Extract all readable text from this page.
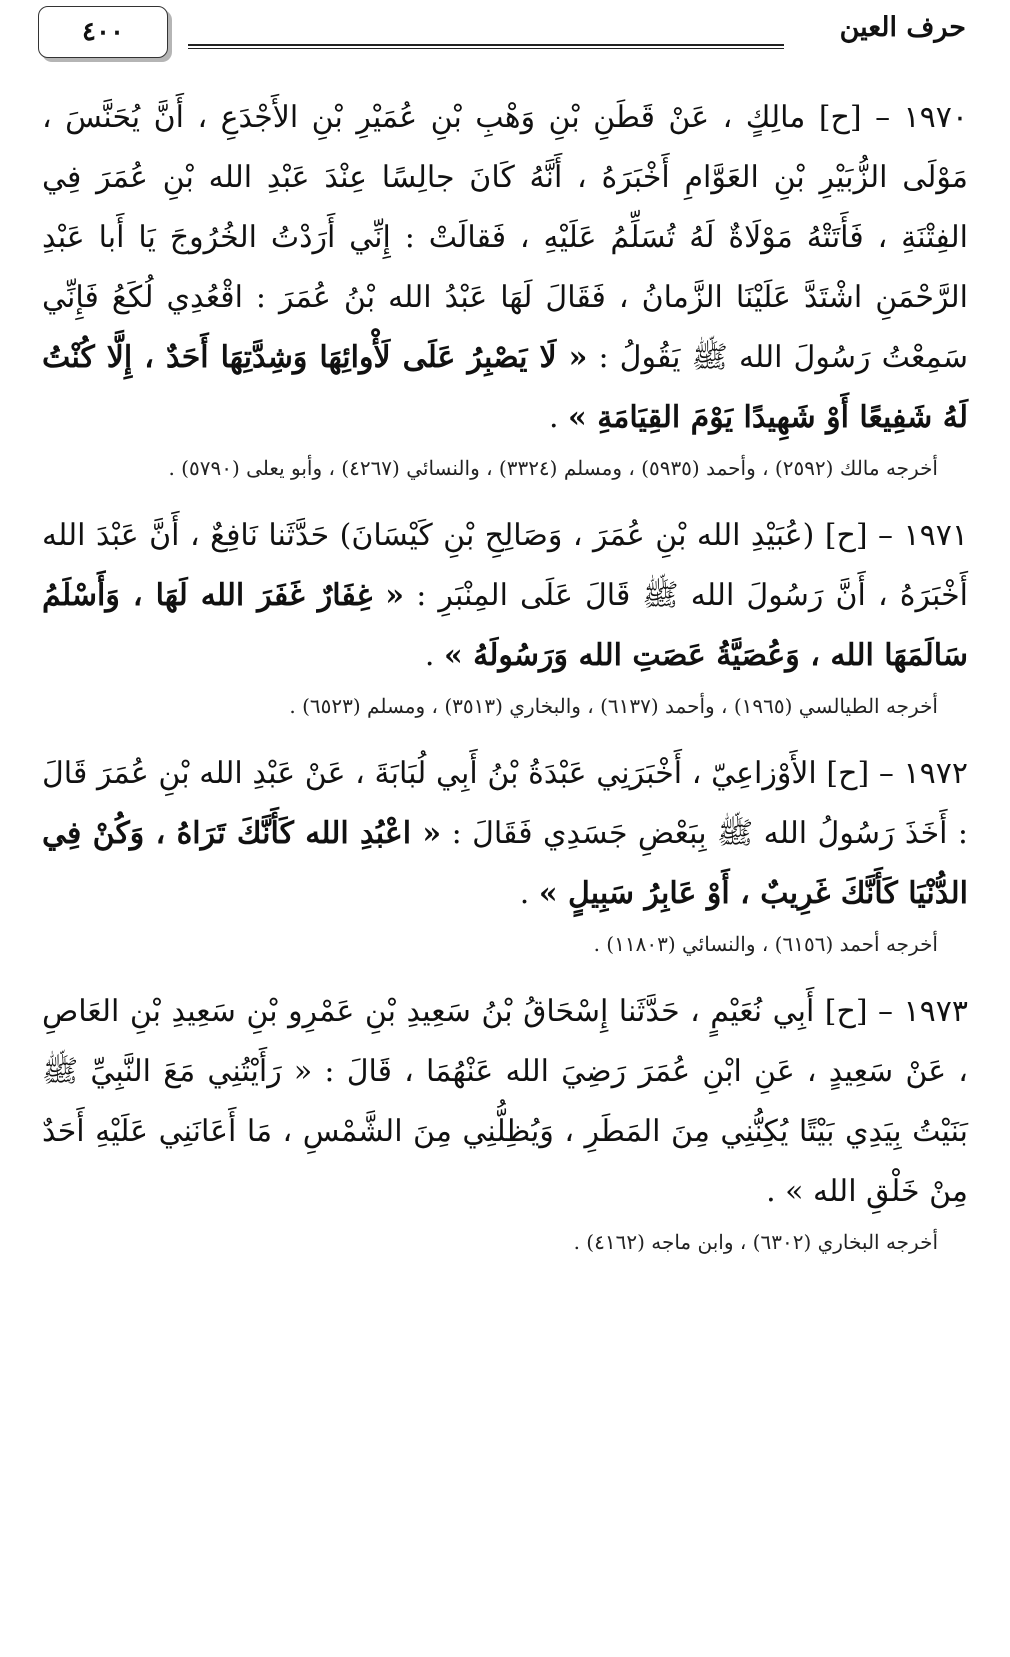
٤٠٠	حرف العين

١٩٧٠ – [ح] مالِكٍ ، عَنْ قَطَنِ بْنِ وَهْبِ بْنِ عُمَيْرِ بْنِ الأَجْدَعِ ، أَنَّ يُحَنَّسَ ، مَوْلَى الزُّبَيْرِ بْنِ العَوَّامِ أَخْبَرَهُ ، أَنَّهُ كَانَ جالِسًا عِنْدَ عَبْدِ الله بْنِ عُمَرَ فِي الفِتْنَةِ ، فَأَتَتْهُ مَوْلَاةٌ لَهُ تُسَلِّمُ عَلَيْهِ ، فَقالَتْ : إِنِّي أَرَدْتُ الخُرُوجَ يَا أَبا عَبْدِ الرَّحْمَنِ اشْتَدَّ عَلَيْنَا الزَّمانُ ، فَقَالَ لَهَا عَبْدُ الله بْنُ عُمَرَ : اقْعُدِي لُكَعُ فَإِنِّي سَمِعْتُ رَسُولَ الله ﷺ يَقُولُ : « لَا يَصْبِرُ عَلَى لَأْوائِهَا وَشِدَّتِهَا أَحَدٌ ، إِلَّا كُنْتُ لَهُ شَفِيعًا أَوْ شَهِيدًا يَوْمَ القِيَامَةِ » .

أخرجه مالك (٢٥٩٢) ، وأحمد (٥٩٣٥) ، ومسلم (٣٣٢٤) ، والنسائي (٤٢٦٧) ، وأبو يعلى (٥٧٩٠) .

١٩٧١ – [ح] (عُبَيْدِ الله بْنِ عُمَرَ ، وَصَالِحِ بْنِ كَيْسَانَ) حَدَّثَنا نَافِعٌ ، أَنَّ عَبْدَ الله أَخْبَرَهُ ، أَنَّ رَسُولَ الله ﷺ قَالَ عَلَى المِنْبَرِ : « غِفَارٌ غَفَرَ الله لَهَا ، وَأَسْلَمُ سَالَمَهَا الله ، وَعُصَيَّةُ عَصَتِ الله وَرَسُولَهُ » .

أخرجه الطيالسي (١٩٦٥) ، وأحمد (٦١٣٧) ، والبخاري (٣٥١٣) ، ومسلم (٦٥٢٣) .

١٩٧٢ – [ح] الأَوْزاعِيّ ، أَخْبَرَنِي عَبْدَةُ بْنُ أَبِي لُبَابَةَ ، عَنْ عَبْدِ الله بْنِ عُمَرَ قَالَ : أَخَذَ رَسُولُ الله ﷺ بِبَعْضِ جَسَدِي فَقَالَ : « اعْبُدِ الله كَأَنَّكَ تَرَاهُ ، وَكُنْ فِي الدُّنْيَا كَأَنَّكَ غَرِيبٌ ، أَوْ عَابِرُ سَبِيلٍ » .

أخرجه أحمد (٦١٥٦) ، والنسائي (١١٨٠٣) .

١٩٧٣ – [ح] أَبِي نُعَيْمٍ ، حَدَّثَنا إِسْحَاقُ بْنُ سَعِيدِ بْنِ عَمْرِو بْنِ سَعِيدِ بْنِ العَاصِ ، عَنْ سَعِيدٍ ، عَنِ ابْنِ عُمَرَ رَضِيَ الله عَنْهُمَا ، قَالَ : « رَأَيْتُنِي مَعَ النَّبِيِّ ﷺ بَنَيْتُ بِيَدِي بَيْتًا يُكِنُّنِي مِنَ المَطَرِ ، وَيُظِلُّنِي مِنَ الشَّمْسِ ، مَا أَعَانَنِي عَلَيْهِ أَحَدٌ مِنْ خَلْقِ الله » .

أخرجه البخاري (٦٣٠٢) ، وابن ماجه (٤١٦٢) .
